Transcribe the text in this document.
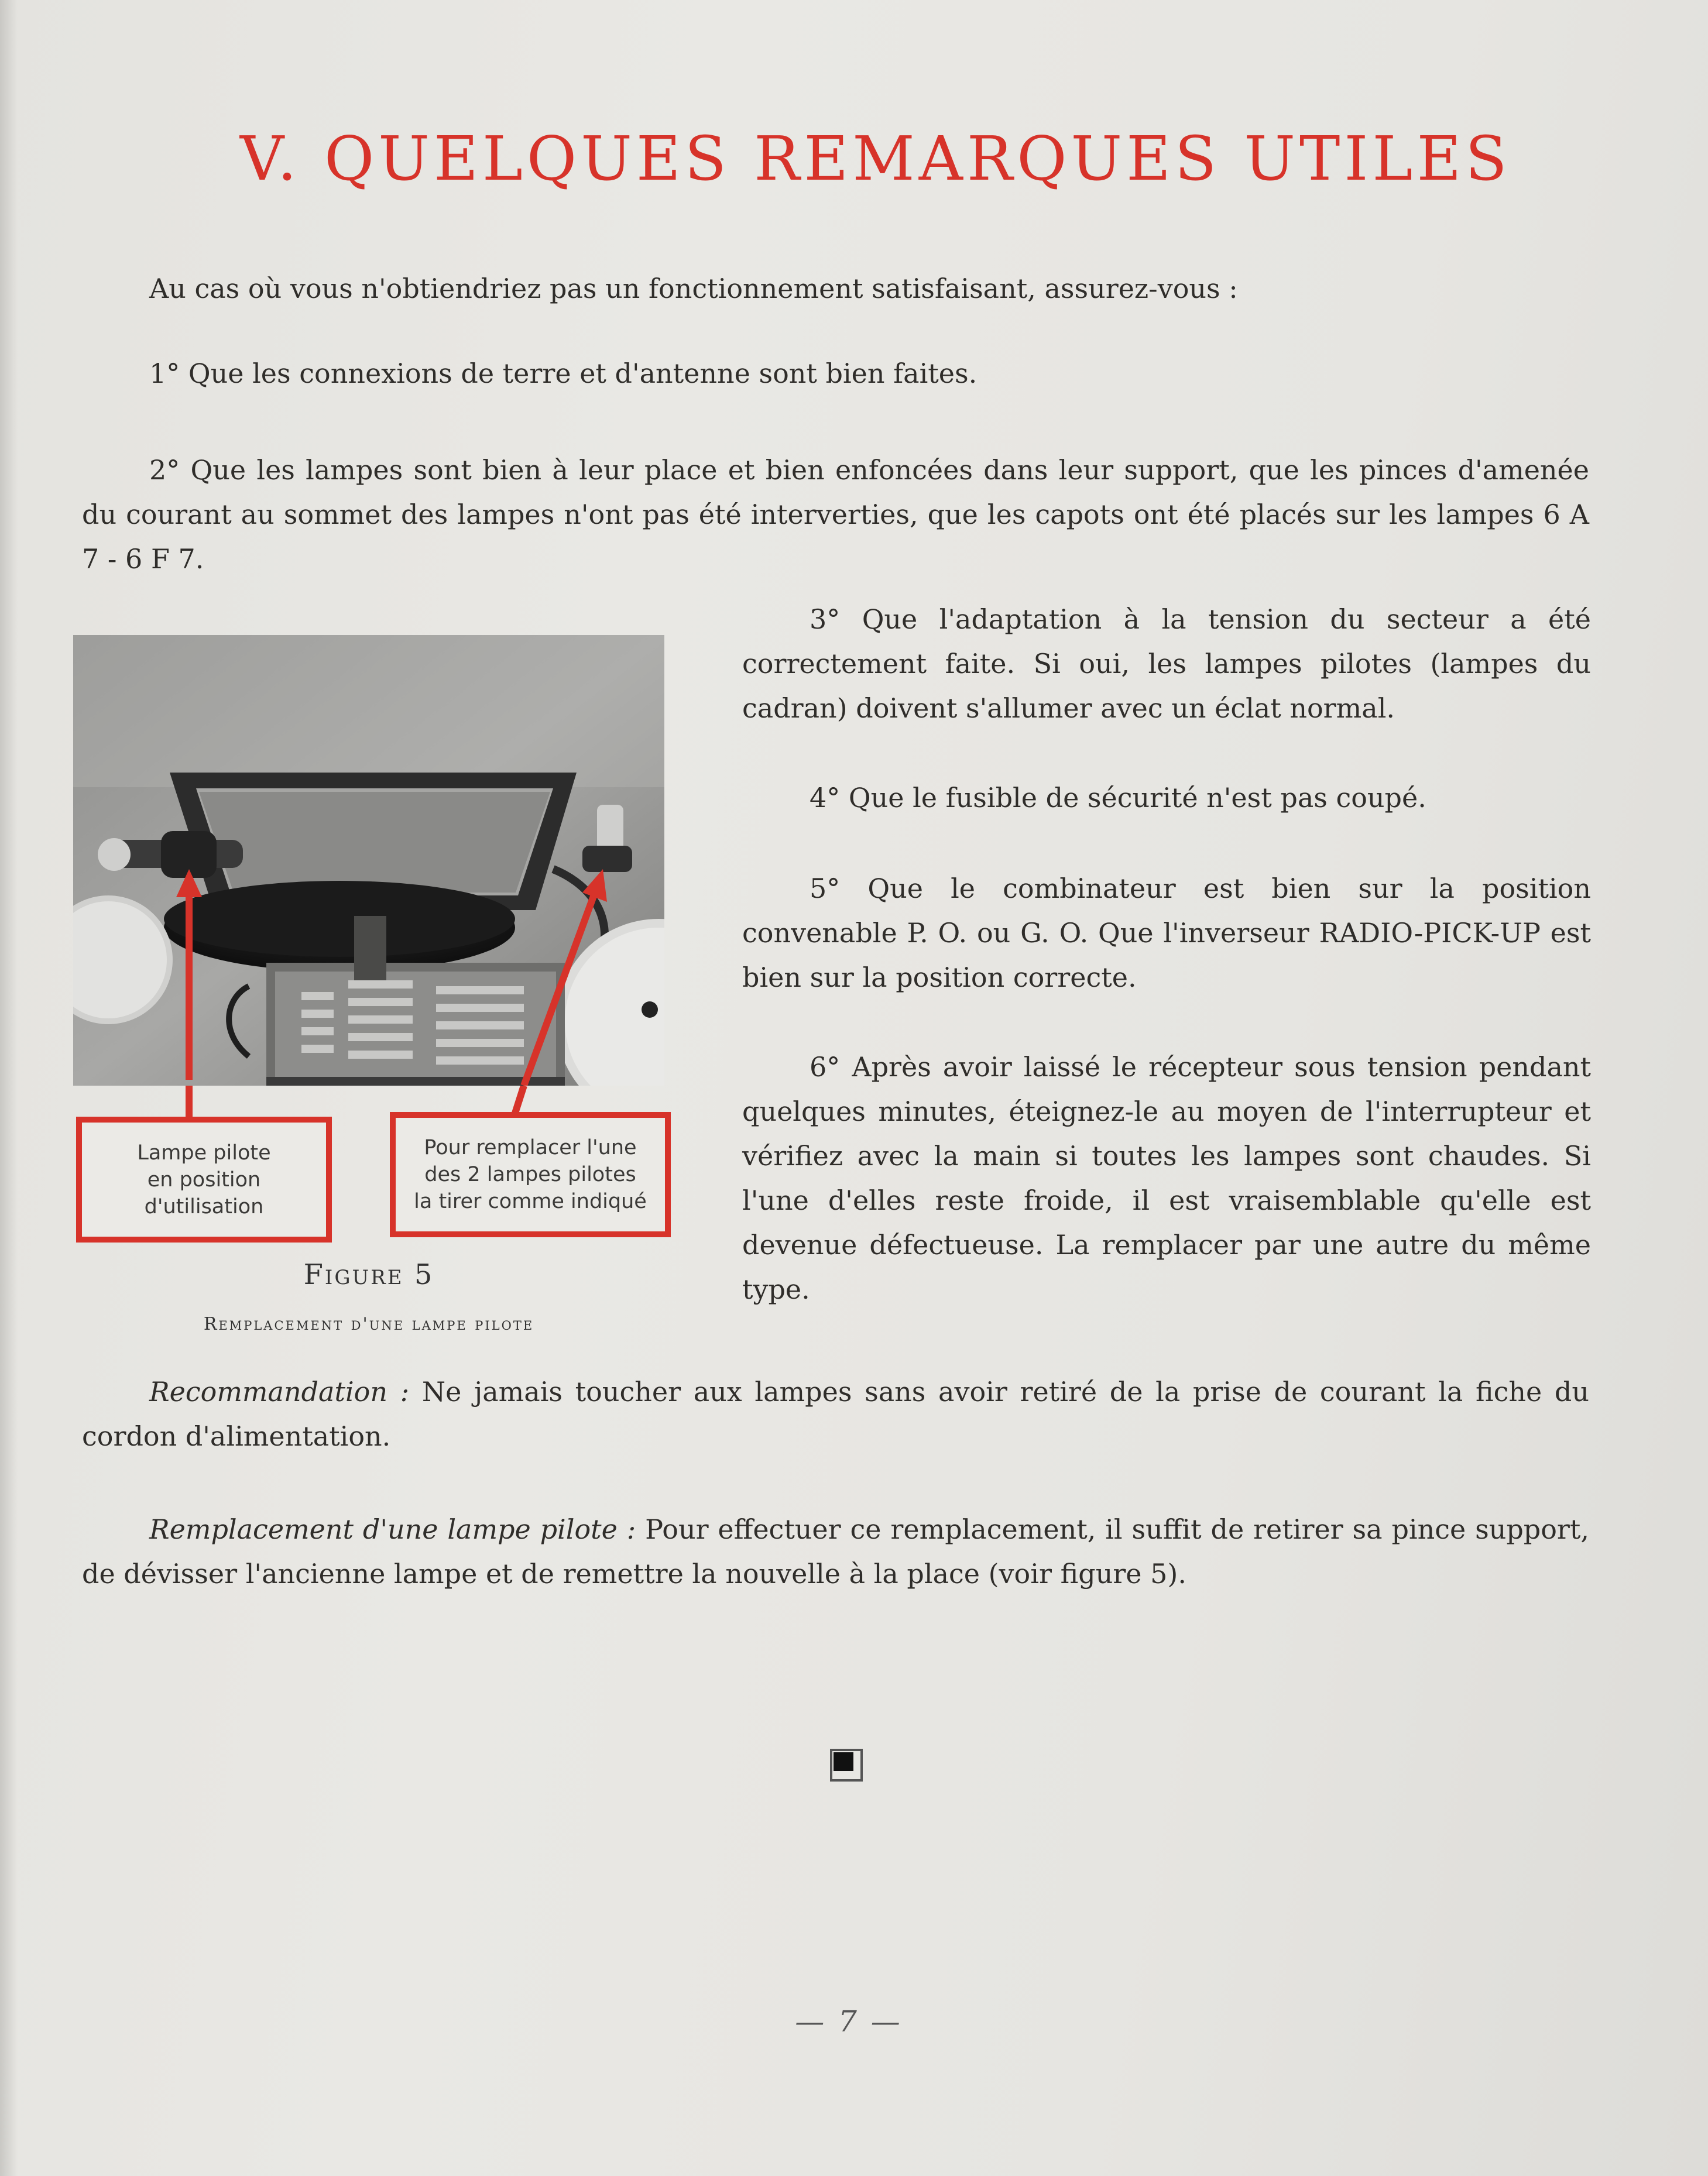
V. QUELQUES REMARQUES UTILES

Au cas où vous n'obtiendriez pas un fonctionnement satisfaisant, assurez-vous :

1° Que les connexions de terre et d'antenne sont bien faites.

2° Que les lampes sont bien à leur place et bien enfoncées dans leur support, que les pinces d'amenée du courant au sommet des lampes n'ont pas été interverties, que les capots ont été placés sur les lampes 6 A 7 - 6 F 7.

3° Que l'adaptation à la tension du secteur a été correctement faite. Si oui, les lampes pilotes (lampes du cadran) doivent s'allumer avec un éclat normal.

4° Que le fusible de sécurité n'est pas coupé.

5° Que le combinateur est bien sur la position convenable P. O. ou G. O. Que l'inverseur RADIO-PICK-UP est bien sur la position correcte.

6° Après avoir laissé le récepteur sous tension pendant quelques minutes, éteignez-le au moyen de l'interrupteur et vérifiez avec la main si toutes les lampes sont chaudes. Si l'une d'elles reste froide, il est vraisemblable qu'elle est devenue défectueuse. La remplacer par une autre du même type.

Lampe pilote
en position
d'utilisation
Pour remplacer l'une
des 2 lampes pilotes
la tirer comme indiqué
Figure 5
Remplacement d'une lampe pilote

Recommandation : Ne jamais toucher aux lampes sans avoir retiré de la prise de courant la fiche du cordon d'alimentation.

Remplacement d'une lampe pilote : Pour effectuer ce remplacement, il suffit de retirer sa pince support, de dévisser l'ancienne lampe et de remettre la nouvelle à la place (voir figure 5).

— 7 —
